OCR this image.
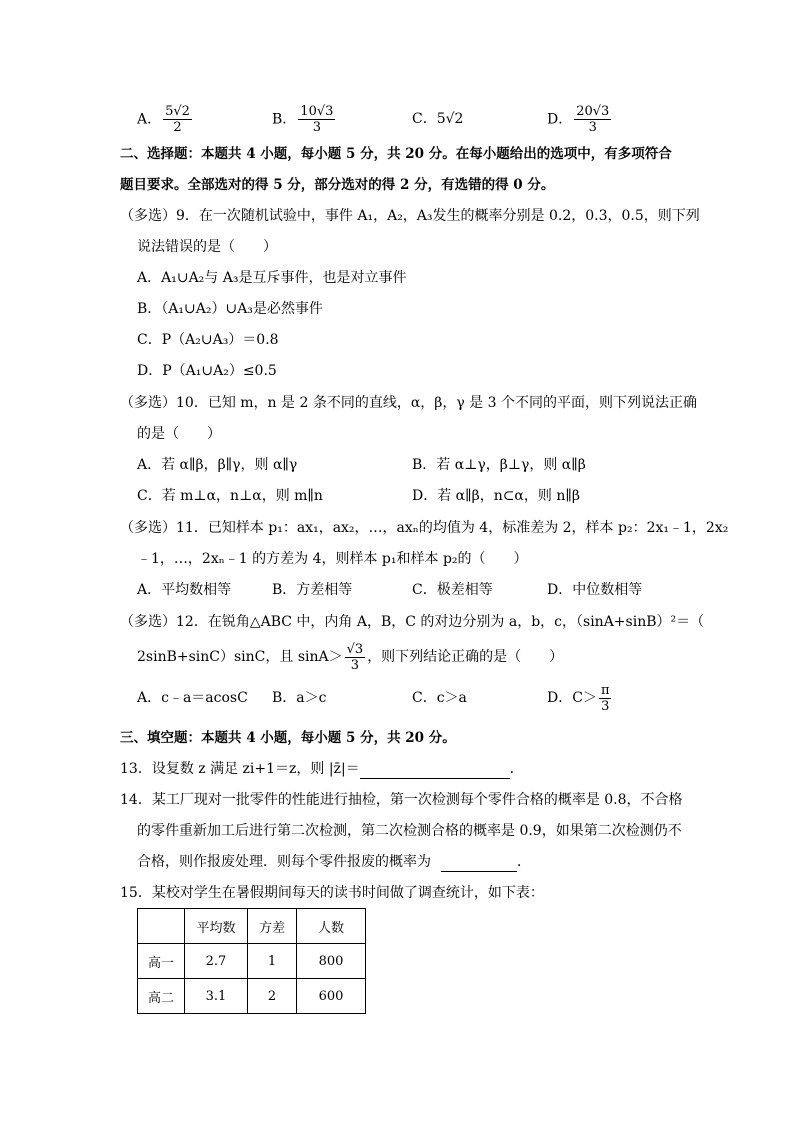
A． $\frac{5√2}{2}$	B． $\frac{10√3}{3}$	C．5√2	D． $\frac{20√3}{3}$
二、选择题：本题共 4 小题，每小题 5 分，共 20 分。在每小题给出的选项中，有多项符合
题目要求。全部选对的得 5 分，部分选对的得 2 分，有选错的得 0 分。
（多选）9．在一次随机试验中，事件 A₁，A₂，A₃发生的概率分别是 0.2，0.3，0.5，则下列
说法错误的是（　　）
A．A₁∪A₂与 A₃是互斥事件，也是对立事件
B．（A₁∪A₂）∪A₃是必然事件
C．P（A₂∪A₃）＝0.8
D．P（A₁∪A₂）≤0.5
（多选）10．已知 m，n 是 2 条不同的直线，α，β，γ 是 3 个不同的平面，则下列说法正确
的是（　　）
A．若 α∥β，β∥γ，则 α∥γ	B．若 α⊥γ，β⊥γ，则 α∥β
C．若 m⊥α，n⊥α，则 m∥n	D．若 α∥β，n⊂α，则 n∥β
（多选）11．已知样本 p₁：ax₁，ax₂，…，axₙ的均值为 4，标准差为 2，样本 p₂：2x₁﹣1，2x₂
﹣1，…，2xₙ﹣1 的方差为 4，则样本 p₁和样本 p₂的（　　）
A．平均数相等	B．方差相等	C．极差相等	D．中位数相等
（多选）12．在锐角△ABC 中，内角 A，B，C 的对边分别为 a，b，c，（sinA+sinB）²＝（
2sinB+sinC）sinC，且 $\sin A> \frac{√3}{3}$ ，则下列结论正确的是（　　）
A．c﹣a＝acosC B．a＞c	C．c＞a	D．$C> \frac{\pi}{3}$
三、填空题：本题共 4 小题，每小题 5 分，共 20 分。
13．设复数 z 满足 zi+1＝z，则 |z̄|＝	．
14．某工厂现对一批零件的性能进行抽检，第一次检测每个零件合格的概率是 0.8，不合格
的零件重新加工后进行第二次检测，第二次检测合格的概率是 0.9，如果第二次检测仍不
合格，则作报废处理．则每个零件报废的概率为	．
15．某校对学生在暑假期间每天的读书时间做了调查统计，如下表：
	平均数	方差	人数
高一	2.7	1	800
高二	3.1	2	600
